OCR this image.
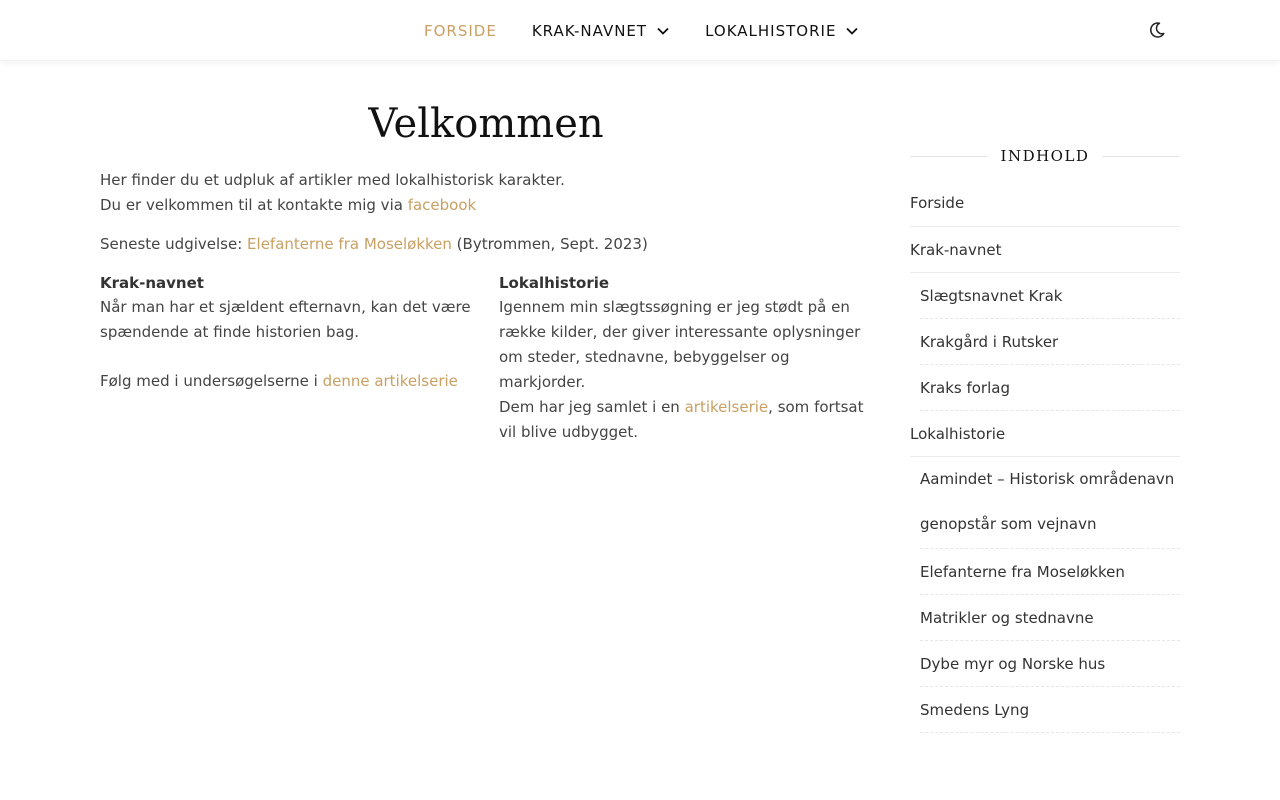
FORSIDE KRAK-NAVNET	LOKALHISTORIE
Velkommen
Her finder du et udpluk af artikler med lokalhistorisk karakter.
Du er velkommen til at kontakte mig via facebook
Seneste udgivelse: Elefanterne fra Moseløkken (Bytrommen, Sept. 2023)
Krak-navnet
Når man har et sjældent efternavn, kan det være spændende at finde historien bag.
Følg med i undersøgelserne i denne artikelserie
Lokalhistorie
Igennem min slægtssøgning er jeg stødt på en række kilder, der giver interessante oplysninger om steder, stednavne, bebyggelser og markjorder.
Dem har jeg samlet i en artikelserie, som fortsat vil blive udbygget.
INDHOLD
Forside
Krak-navnet
Slægtsnavnet Krak
Krakgård i Rutsker
Kraks forlag
Lokalhistorie
Aamindet – Historisk områdenavn genopstår som vejnavn
Elefanterne fra Moseløkken
Matrikler og stednavne
Dybe myr og Norske hus
Smedens Lyng
